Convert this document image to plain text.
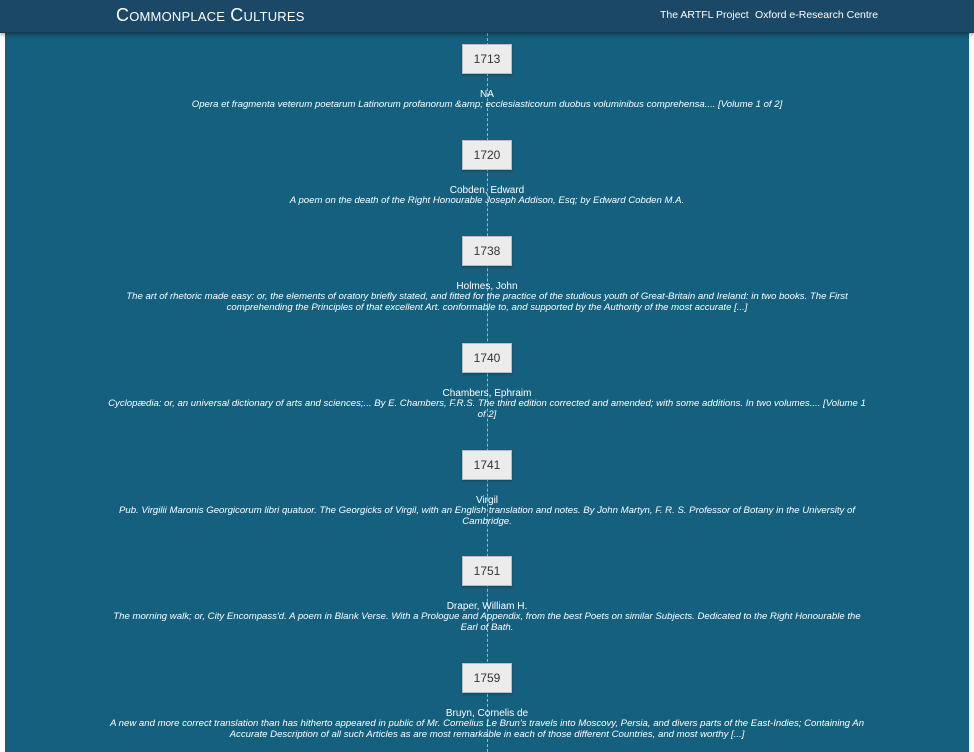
Commonplace Cultures	The ARTFL Project Oxford e-Research Centre
1713
NA
Opera et fragmenta veterum poetarum Latinorum profanorum &amp; ecclesiasticorum duobus voluminibus comprehensa.... [Volume 1 of 2]
1720
Cobden, Edward
A poem on the death of the Right Honourable Joseph Addison, Esq; by Edward Cobden M.A.
1738
Holmes, John
The art of rhetoric made easy: or, the elements of oratory briefly stated, and fitted for the practice of the studious youth of Great-Britain and Ireland: in two books. The First comprehending the Principles of that excellent Art. conformable to, and supported by the Authority of the most accurate [...]
1740
Chambers, Ephraim
Cyclopædia: or, an universal dictionary of arts and sciences;... By E. Chambers, F.R.S. The third edition corrected and amended; with some additions. In two volumes.... [Volume 1 of 2]
1741
Virgil
Pub. Virgilii Maronis Georgicorum libri quatuor. The Georgicks of Virgil, with an English translation and notes. By John Martyn, F. R. S. Professor of Botany in the University of Cambridge.
1751
Draper, William H.
The morning walk; or, City Encompass'd. A poem in Blank Verse. With a Prologue and Appendix, from the best Poets on similar Subjects. Dedicated to the Right Honourable the Earl of Bath.
1759
Bruyn, Cornelis de
A new and more correct translation than has hitherto appeared in public of Mr. Cornelius Le Brun's travels into Moscovy, Persia, and divers parts of the East-Indies; Containing An Accurate Description of all such Articles as are most remarkable in each of those different Countries, and most worthy [...]
